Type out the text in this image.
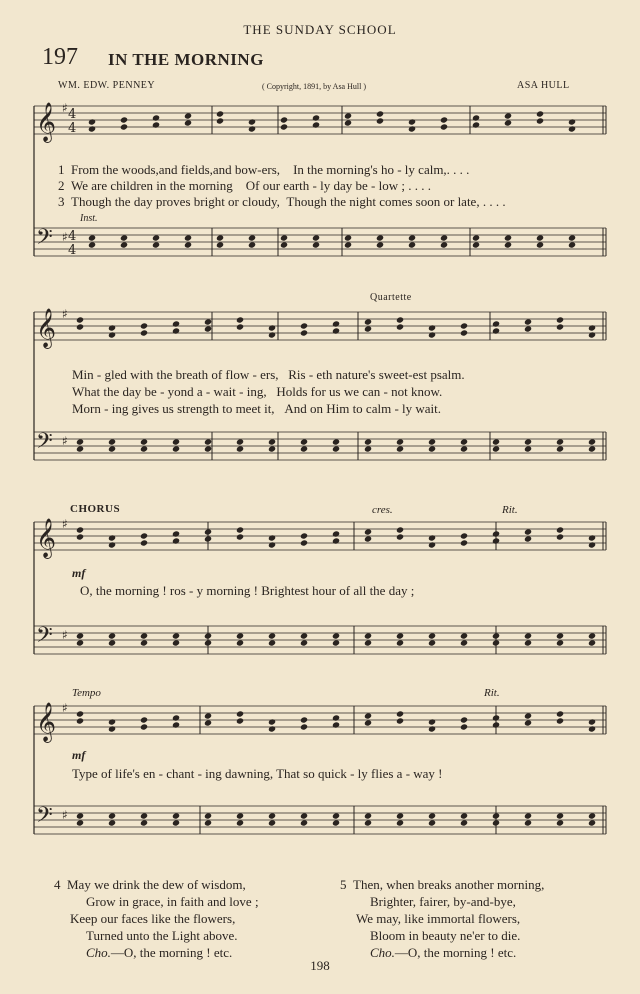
THE SUNDAY SCHOOL
197 IN THE MORNING
WM. EDW. PENNEY	( Copyright, 1891, by Asa Hull )	ASA HULL
𝄞
𝄢
♯
♯
4
4
4
4
𝄞
𝄢
♯
♯
𝄞
𝄢
♯
♯
𝄞
𝄢
♯
♯
Inst.
Quartette
CHORUS	cres.	Rit.
Tempo	Rit.
mf
mf
1 From the woods,and fields,and bow-ers, In the morning's ho - ly calm,. . . .
2 We are children in the morning Of our earth - ly day be - low ; . . . .
3 Though the day proves bright or cloudy, Though the night comes soon or late, . . . .
Min - gled with the breath of flow - ers, Ris - eth nature's sweet-est psalm.
What the day be - yond a - wait - ing, Holds for us we can - not know.
Morn - ing gives us strength to meet it, And on Him to calm - ly wait.
O, the morning ! ros - y morning ! Brightest hour of all the day ;
Type of life's en - chant - ing dawning, That so quick - ly flies a - way !
4 May we drink the dew of wisdom,
Grow in grace, in faith and love ;
Keep our faces like the flowers,
Turned unto the Light above.
Cho.—O, the morning ! etc.
5 Then, when breaks another morning,
Brighter, fairer, by-and-bye,
We may, like immortal flowers,
Bloom in beauty ne'er to die.
Cho.—O, the morning ! etc.
198
